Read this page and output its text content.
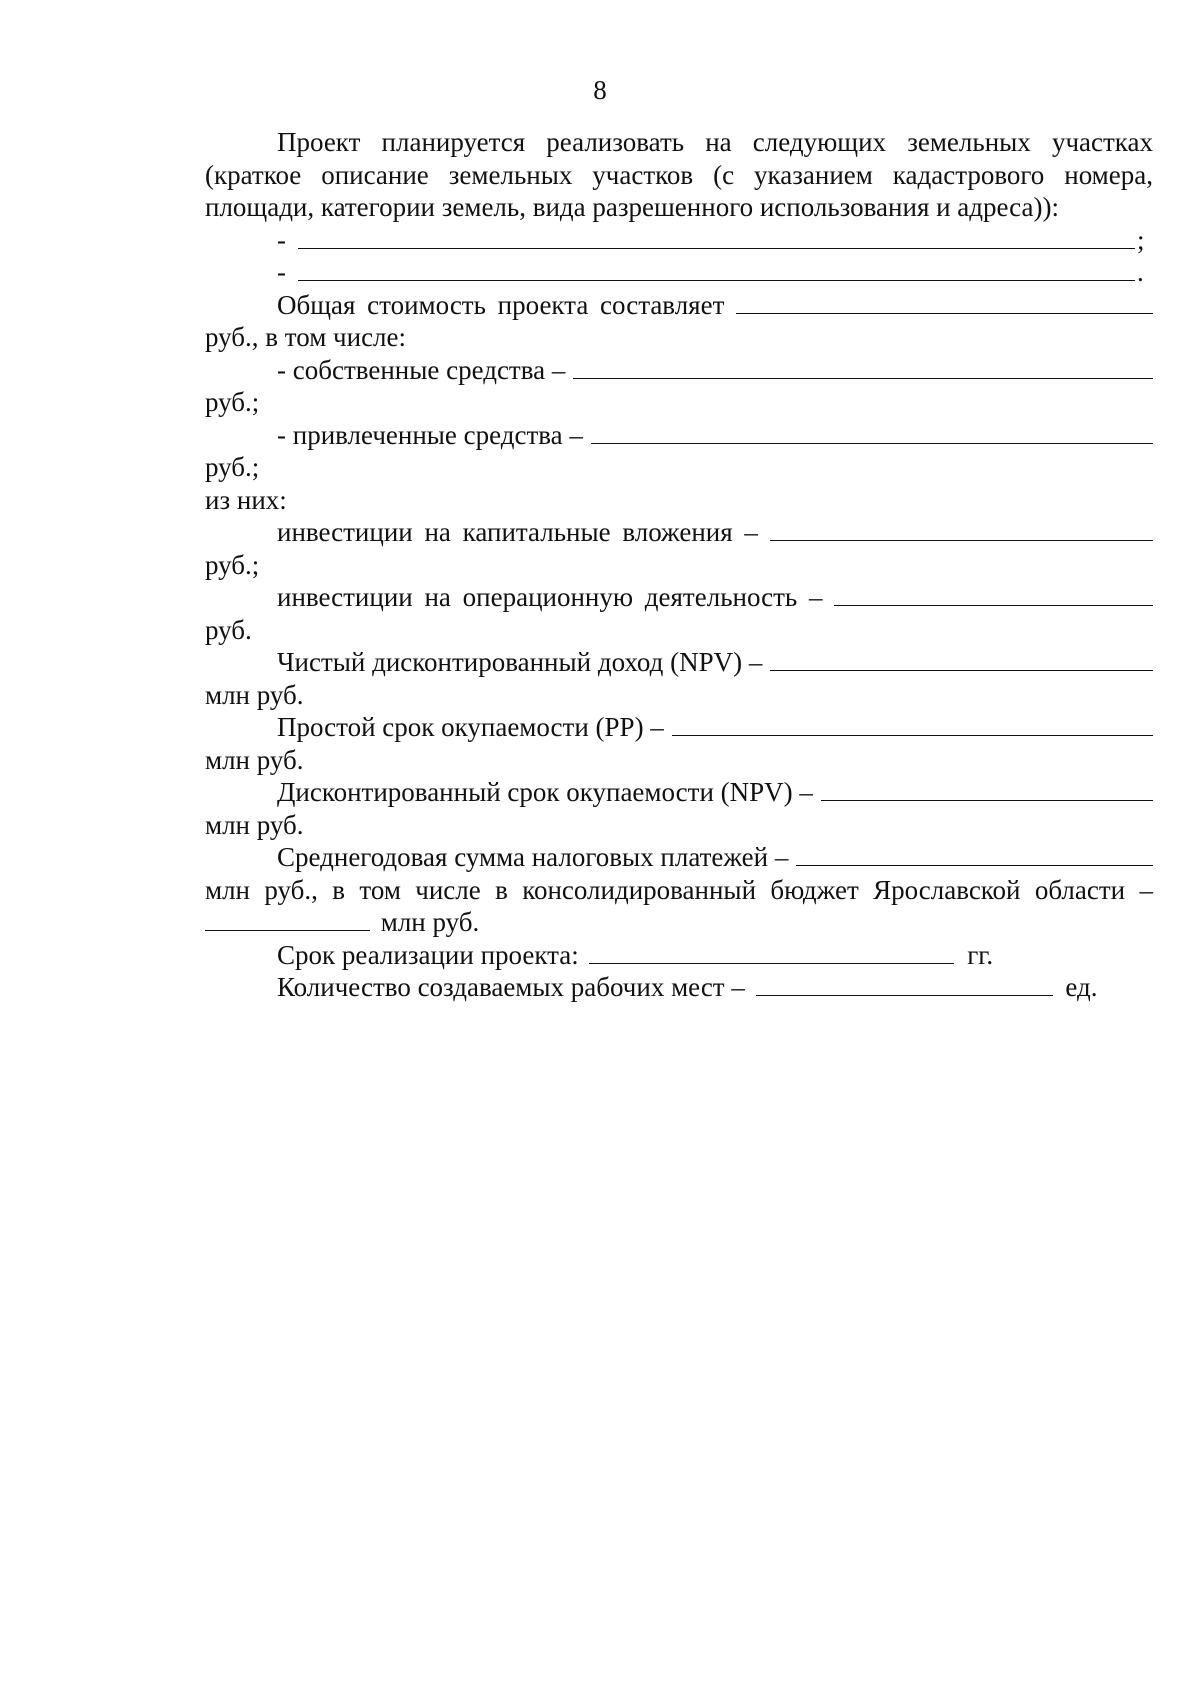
8
Проект планируется реализовать на следующих земельных участках
(краткое описание земельных участков (с указанием кадастрового номера,
площади, категории земель, вида разрешенного использования и адреса)):
-	;
-	.
Общая стоимость проекта составляет
руб., в том числе:
- собственные средства –
руб.;
- привлеченные средства –
руб.;
из них:
инвестиции на капитальные вложения –
руб.;
инвестиции на операционную деятельность –
руб.
Чистый дисконтированный доход (NPV) –
млн руб.
Простой срок окупаемости (PP) –
млн руб.
Дисконтированный срок окупаемости (NPV) –
млн руб.
Среднегодовая сумма налоговых платежей –
млн руб., в том числе в консолидированный бюджет Ярославской области –
млн руб.
Срок реализации проекта:	гг.
Количество создаваемых рабочих мест –	ед.
